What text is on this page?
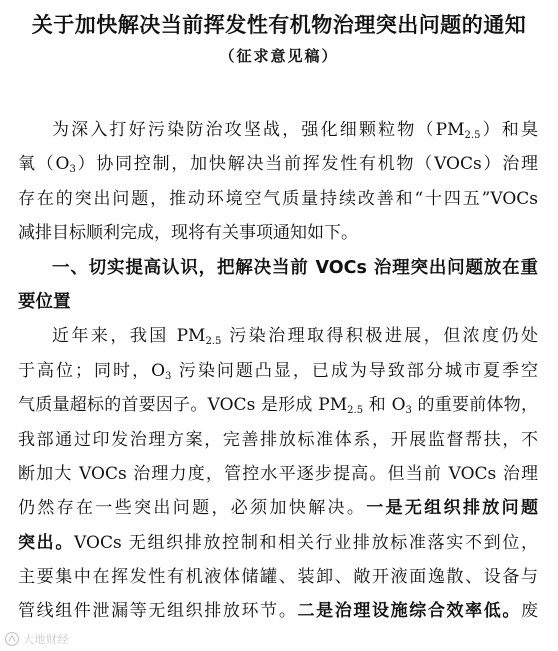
关于加快解决当前挥发性有机物治理突出问题的通知
（征求意见稿）
为深入打好污染防治攻坚战，强化细颗粒物$(PM_{2.5})$和臭
氧$(O_3)$协同控制，加快解决当前挥发性有机物（VOCs）治理
存在的突出问题，推动环境空气质量持续改善和“十四五”VOCs
减排目标顺利完成，现将有关事项通知如下。
一、切实提高认识，把解决当前 VOCs 治理突出问题放在重
要位置
近年来，我国 $PM_{2.5}$ 污染治理取得积极进展，但浓度仍处
于高位；同时，$O_3$ 污染问题凸显，已成为导致部分城市夏季空
气质量超标的首要因子。VOCs 是形成 $PM_{2.5}$ 和 $O_3$ 的重要前体物，
我部通过印发治理方案，完善排放标准体系，开展监督帮扶，不
断加大 VOCs 治理力度，管控水平逐步提高。但当前 VOCs 治理
仍然存在一些突出问题，必须加快解决。一是无组织排放问题
突出。VOCs 无组织排放控制和相关行业排放标准落实不到位，
主要集中在挥发性有机液体储罐、装卸、敞开液面逸散、设备与
管线组件泄漏等无组织排放环节。二是治理设施综合效率低。废
大地财经
